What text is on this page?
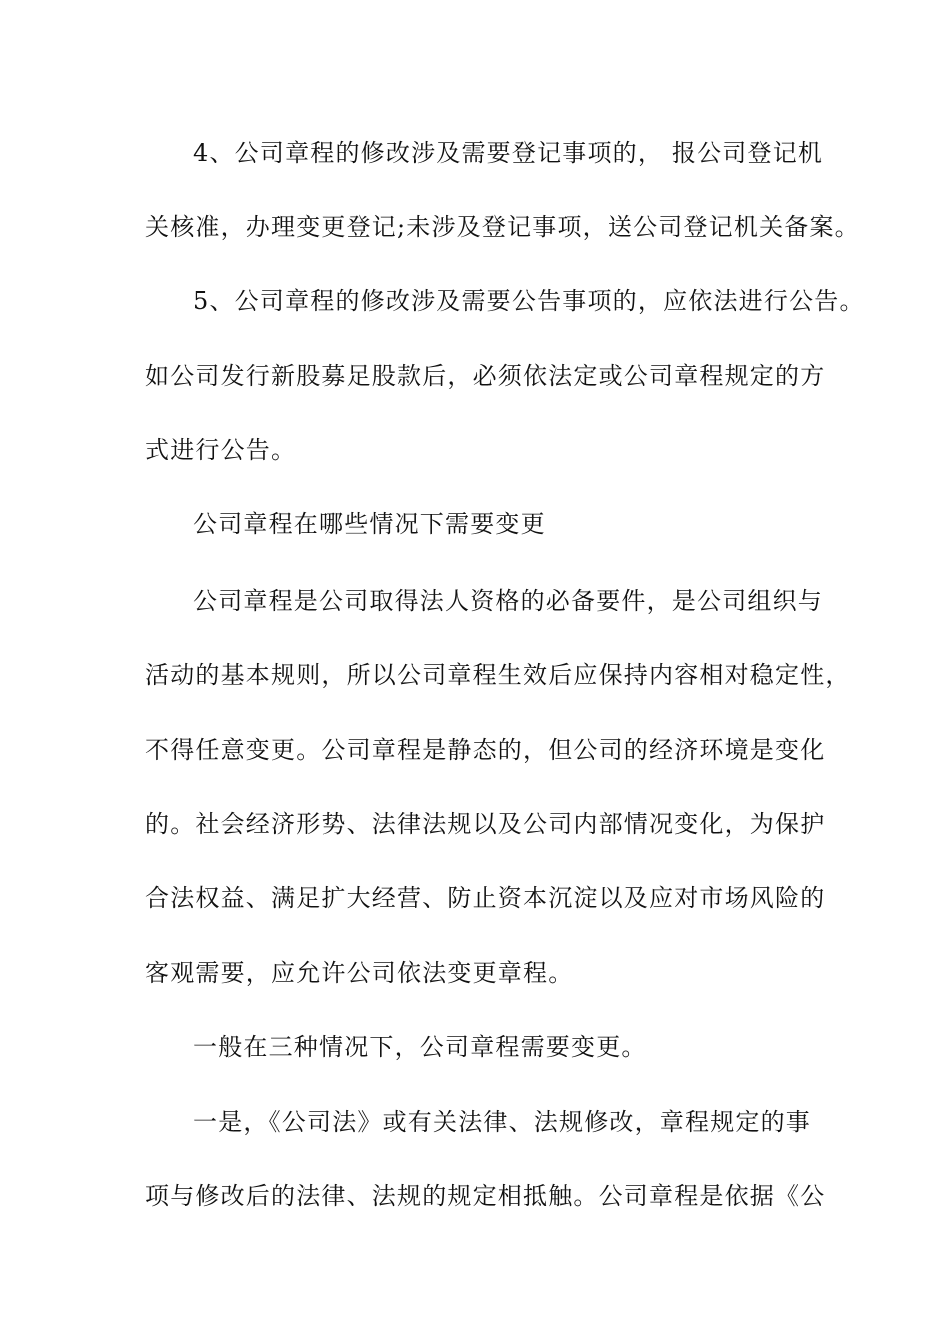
4、公司章程的修改涉及需要登记事项的， 报公司登记机
关核准，办理变更登记;未涉及登记事项，送公司登记机关备案。
5、公司章程的修改涉及需要公告事项的，应依法进行公告。
如公司发行新股募足股款后，必须依法定或公司章程规定的方
式进行公告。
公司章程在哪些情况下需要变更
公司章程是公司取得法人资格的必备要件，是公司组织与
活动的基本规则，所以公司章程生效后应保持内容相对稳定性，
不得任意变更。公司章程是静态的，但公司的经济环境是变化
的。社会经济形势、法律法规以及公司内部情况变化，为保护
合法权益、满足扩大经营、防止资本沉淀以及应对市场风险的
客观需要，应允许公司依法变更章程。
一般在三种情况下，公司章程需要变更。
一是，《公司法》或有关法律、法规修改，章程规定的事
项与修改后的法律、法规的规定相抵触。公司章程是依据《公
